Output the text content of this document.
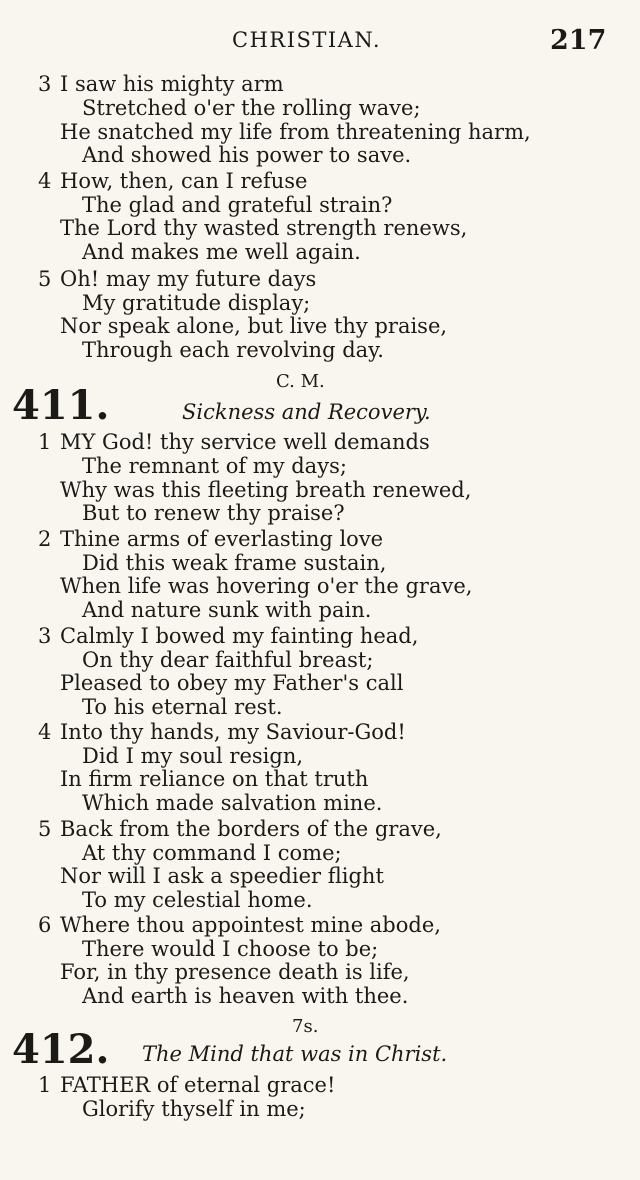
CHRISTIAN.	217
3 I saw his mighty arm
Stretched o'er the rolling wave;
He snatched my life from threatening harm,
And showed his power to save.
4 How, then, can I refuse
The glad and grateful strain?
The Lord thy wasted strength renews,
And makes me well again.
5 Oh! may my future days
My gratitude display;
Nor speak alone, but live thy praise,
Through each revolving day.
C. M.
411.	Sickness and Recovery.
1 MY God! thy service well demands
The remnant of my days;
Why was this fleeting breath renewed,
But to renew thy praise?
2 Thine arms of everlasting love
Did this weak frame sustain,
When life was hovering o'er the grave,
And nature sunk with pain.
3 Calmly I bowed my fainting head,
On thy dear faithful breast;
Pleased to obey my Father's call
To his eternal rest.
4 Into thy hands, my Saviour-God!
Did I my soul resign,
In firm reliance on that truth
Which made salvation mine.
5 Back from the borders of the grave,
At thy command I come;
Nor will I ask a speedier flight
To my celestial home.
6 Where thou appointest mine abode,
There would I choose to be;
For, in thy presence death is life,
And earth is heaven with thee.
7s.
412. The Mind that was in Christ.
1 FATHER of eternal grace!
Glorify thyself in me;
